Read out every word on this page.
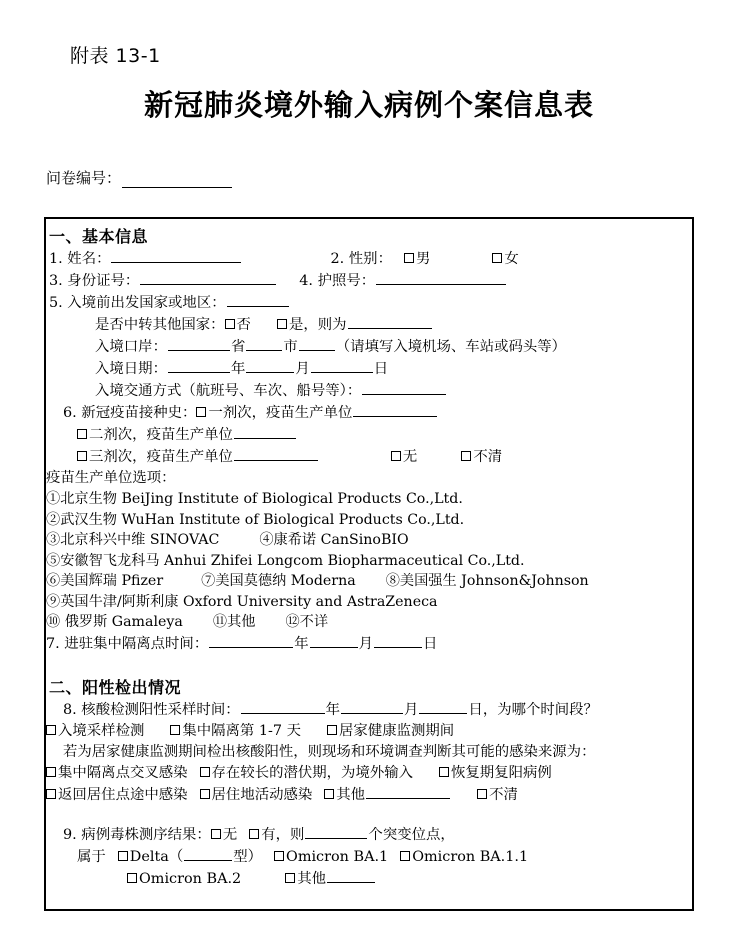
附表 13-1
新冠肺炎境外输入病例个案信息表
问卷编号：
一、基本信息
1. 姓名：	2. 性别： 男	女
3. 身份证号：	4. 护照号：
5. 入境前出发国家或地区：
是否中转其他国家： 否	是，则为
入境口岸：	省	市	（请填写入境机场、车站或码头等）
入境日期：	年	月	日
入境交通方式（航班号、车次、船号等）：
6. 新冠疫苗接种史： 一剂次，疫苗生产单位
二剂次，疫苗生产单位
三剂次，疫苗生产单位	无	不清
疫苗生产单位选项：
①北京生物 BeiJing Institute of Biological Products Co.,Ltd.
②武汉生物 WuHan Institute of Biological Products Co.,Ltd.
③北京科兴中维 SINOVAC	④康希诺 CanSinoBIO
⑤安徽智飞龙科马 Anhui Zhifei Longcom Biopharmaceutical Co.,Ltd.
⑥美国辉瑞 Pfizer	⑦美国莫德纳 Moderna ⑧美国强生 Johnson&Johnson
⑨英国牛津/阿斯利康 Oxford University and AstraZeneca
⑩ 俄罗斯 Gamaleya ⑪其他 ⑫不详
7. 进驻集中隔离点时间：	年	月	日
二、阳性检出情况
8. 核酸检测阳性采样时间：	年	月	日，为哪个时间段？
入境采样检测	集中隔离第 1-7 天	居家健康监测期间
若为居家健康监测期间检出核酸阳性，则现场和环境调查判断其可能的感染来源为：
集中隔离点交叉感染 存在较长的潜伏期，为境外输入	恢复期复阳病例
返回居住点途中感染 居住地活动感染 其他	不清
9. 病例毒株测序结果： 无 有，则	个突变位点，
属于 Delta（	型） Omicron BA.1 Omicron BA.1.1
Omicron BA.2	其他
